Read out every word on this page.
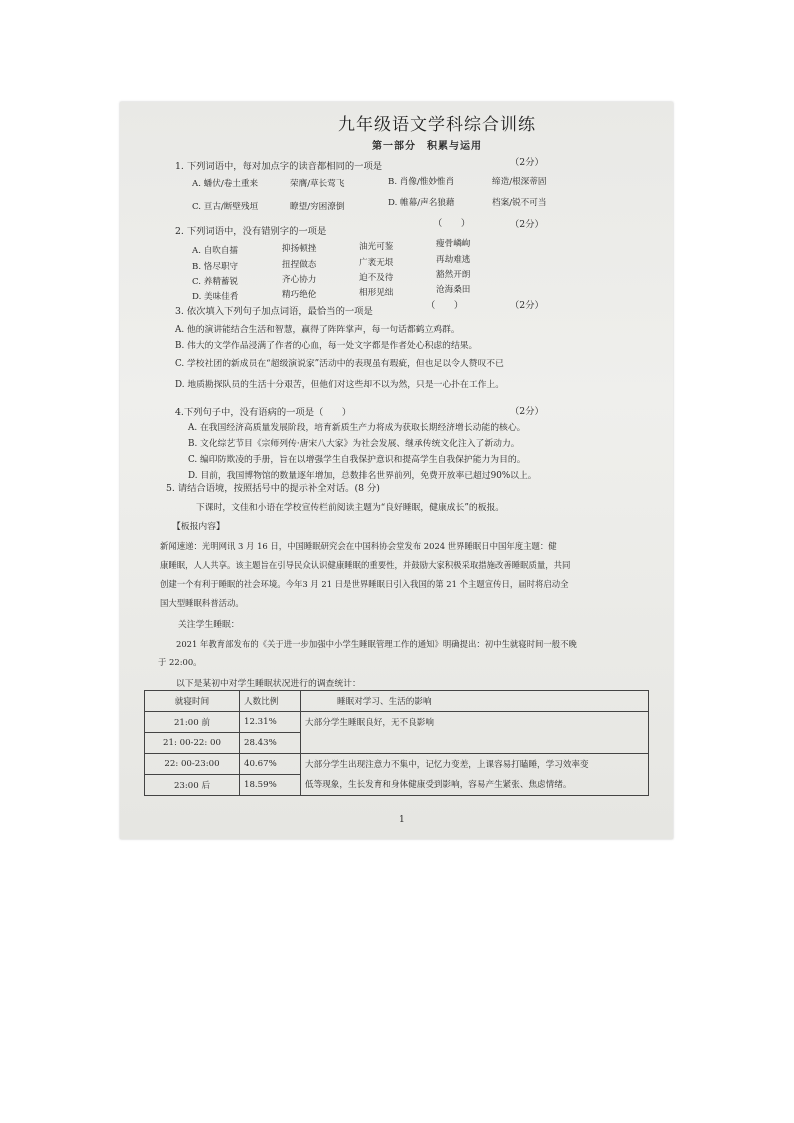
九年级语文学科综合训练
第一部分　积累与运用
1. 下列词语中，每对加点字的读音都相同的一项是	（2分）
A. 蟠伏/卷土重来	荣膺/草长莺飞	B. 肖像/惟妙惟肖	缔造/根深蒂固
C. 亘古/断壁残垣	瞭望/穷困潦倒	D. 帷幕/声名狼藉	档案/锐不可当
2. 下列词语中，没有错别字的一项是
（　　）	（2分）
A. 自吹自擂	抑扬顿挫	油光可鉴	瘦骨嶙峋
B. 恪尽职守	扭捏做态	广袤无垠	再劫难逃
C. 养精蓄锐	齐心协力	迫不及待	豁然开朗
D. 美味佳肴	精巧绝伦	相形见绌	沧海桑田
3. 依次填入下列句子加点词语，最恰当的一项是
（　　）	（2分）
A. 他的演讲能结合生活和智慧，赢得了阵阵掌声，每一句话都鹤立鸡群。
B. 伟大的文学作品浸满了作者的心血，每一处文字都是作者处心积虑的结果。
C. 学校社团的新成员在“超级演说家”活动中的表现虽有瑕疵，但也足以令人赞叹不已
D. 地质勘探队员的生活十分艰苦，但他们对这些却不以为然，只是一心扑在工作上。
4.下列句子中，没有语病的一项是（　　）	（2分）
A. 在我国经济高质量发展阶段，培育新质生产力将成为获取长期经济增长动能的核心。
B. 文化综艺节目《宗师列传·唐宋八大家》为社会发展、继承传统文化注入了新动力。
C. 编印防欺凌的手册，旨在以增强学生自我保护意识和提高学生自我保护能力为目的。
D. 目前，我国博物馆的数量逐年增加，总数排名世界前列，免费开放率已超过90%以上。
5. 请结合语境，按照括号中的提示补全对话。(8 分)
下课时，文佳和小语在学校宣传栏前阅读主题为“良好睡眠，健康成长”的板报。
【板报内容】
新闻速递：光明网讯 3 月 16 日，中国睡眠研究会在中国科协会堂发布 2024 世界睡眠日中国年度主题：健
康睡眠，人人共享。该主题旨在引导民众认识健康睡眠的重要性，并鼓励大家积极采取措施改善睡眠质量，共同
创建一个有利于睡眠的社会环境。今年3 月 21 日是世界睡眠日引入我国的第 21 个主题宣传日，届时将启动全
国大型睡眠科普活动。
关注学生睡眠：
2021 年教育部发布的《关于进一步加强中小学生睡眠管理工作的通知》明确提出：初中生就寝时间一般不晚
于 22:00。
以下是某初中对学生睡眠状况进行的调查统计：
就寝时间	人数比例	睡眠对学习、生活的影响
21:00 前	12.31%	大部分学生睡眠良好，无不良影响
21: 00-22: 00	28.43%	
22: 00-23:00	40.67%	大部分学生出现注意力不集中，记忆力变差，上课容易打瞌睡，学习效率变
低等现象，生长发育和身体健康受到影响，容易产生紧张、焦虑情绪。

23:00 后	18.59%	
1
